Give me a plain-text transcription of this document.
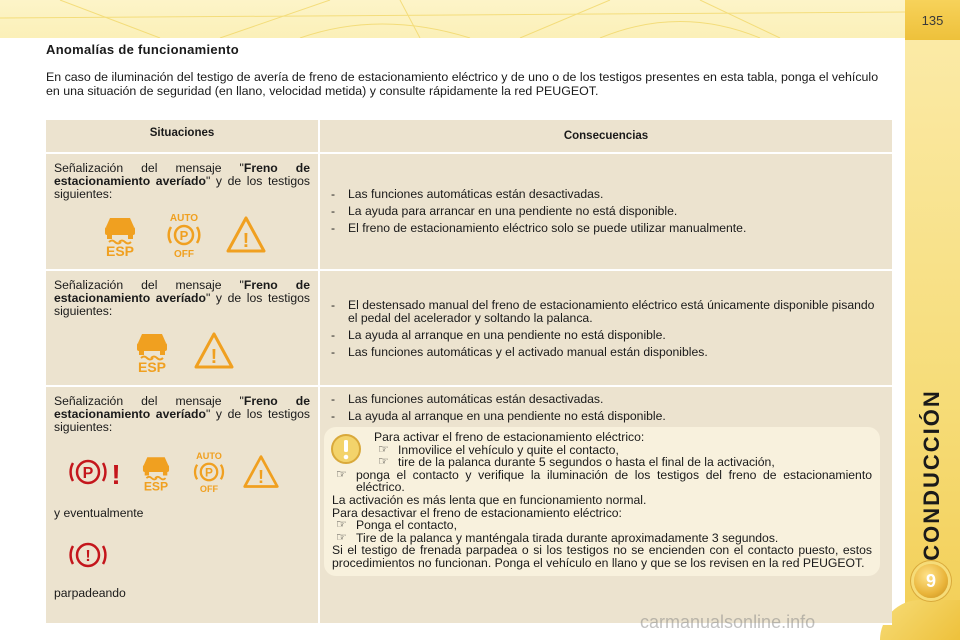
135
CONDUCCIÓN
9
Anomalías de funcionamiento

En caso de iluminación del testigo de avería de freno de estacionamiento eléctrico y de uno o de los testigos presentes en esta tabla, ponga el vehículo en una situación de seguridad (en llano, velocidad metida) y consulte rápidamente la red PEUGEOT.

Situaciones	Consecuencias
Señalización del mensaje "Freno de estacionamiento averíado" y de los testigos siguientes:
ESP
AUTO
P
OFF
!
- Las funciones automáticas están desactivadas.
- La ayuda para arrancar en una pendiente no está disponible.
- El freno de estacionamiento eléctrico solo se puede utilizar manualmente.
Señalización del mensaje "Freno de estacionamiento averíado" y de los testigos siguientes:
ESP !
- El destensado manual del freno de estacionamiento eléctrico está únicamente disponible pisando el pedal del acelerador y soltando la palanca.
- La ayuda al arranque en una pendiente no está disponible.
- Las funciones automáticas y el activado manual están disponibles.
Señalización del mensaje "Freno de estacionamiento averíado" y de los testigos siguientes:
P ! ESP
AUTO
P
OFF
!
y eventualmente
!
parpadeando
- Las funciones automáticas están desactivadas.
- La ayuda al arranque en una pendiente no está disponible.
Para activar el freno de estacionamiento eléctrico:
☞ Inmovilice el vehículo y quite el contacto,
☞ tire de la palanca durante 5 segundos o hasta el final de la activación,
☞ ponga el contacto y verifique la iluminación de los testigos del freno de estacionamiento eléctrico.
La activación es más lenta que en funcionamiento normal.
Para desactivar el freno de estacionamiento eléctrico:
☞ Ponga el contacto,
☞ Tire de la palanca y manténgala tirada durante aproximadamente 3 segundos.
Si el testigo de frenada parpadea o si los testigos no se encienden con el contacto puesto, estos procedimientos no funcionan. Ponga el vehículo en llano y que se los revisen en la red PEUGEOT.
carmanualsonline.info
